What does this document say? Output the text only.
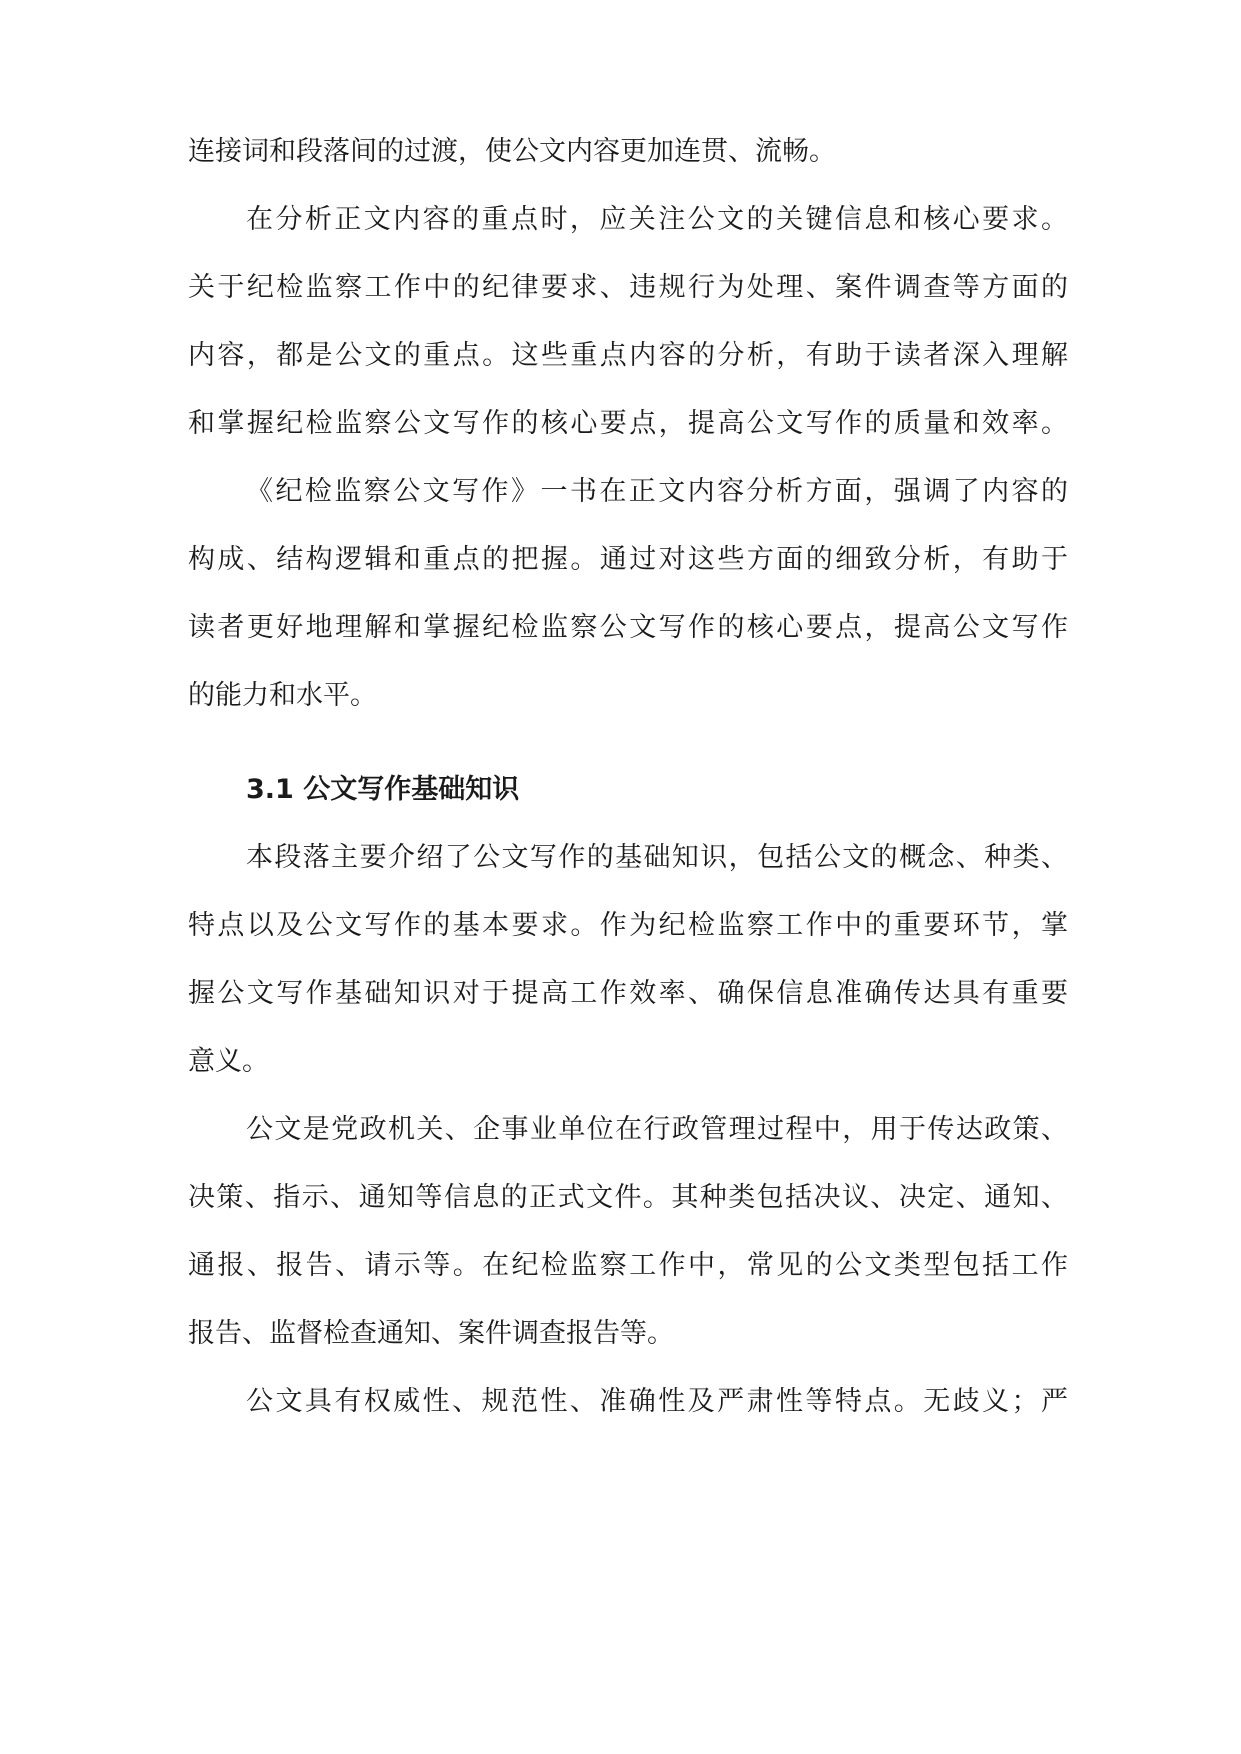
连接词和段落间的过渡，使公文内容更加连贯、流畅。
在分析正文内容的重点时，应关注公文的关键信息和核心要求。
关于纪检监察工作中的纪律要求、违规行为处理、案件调查等方面的
内容，都是公文的重点。这些重点内容的分析，有助于读者深入理解
和掌握纪检监察公文写作的核心要点，提高公文写作的质量和效率。
《纪检监察公文写作》一书在正文内容分析方面，强调了内容的
构成、结构逻辑和重点的把握。通过对这些方面的细致分析，有助于
读者更好地理解和掌握纪检监察公文写作的核心要点，提高公文写作
的能力和水平。
3.1 公文写作基础知识
本段落主要介绍了公文写作的基础知识，包括公文的概念、种类、
特点以及公文写作的基本要求。作为纪检监察工作中的重要环节，掌
握公文写作基础知识对于提高工作效率、确保信息准确传达具有重要
意义。
公文是党政机关、企事业单位在行政管理过程中，用于传达政策、
决策、指示、通知等信息的正式文件。其种类包括决议、决定、通知、
通报、报告、请示等。在纪检监察工作中，常见的公文类型包括工作
报告、监督检查通知、案件调查报告等。
公文具有权威性、规范性、准确性及严肃性等特点。无歧义；严
